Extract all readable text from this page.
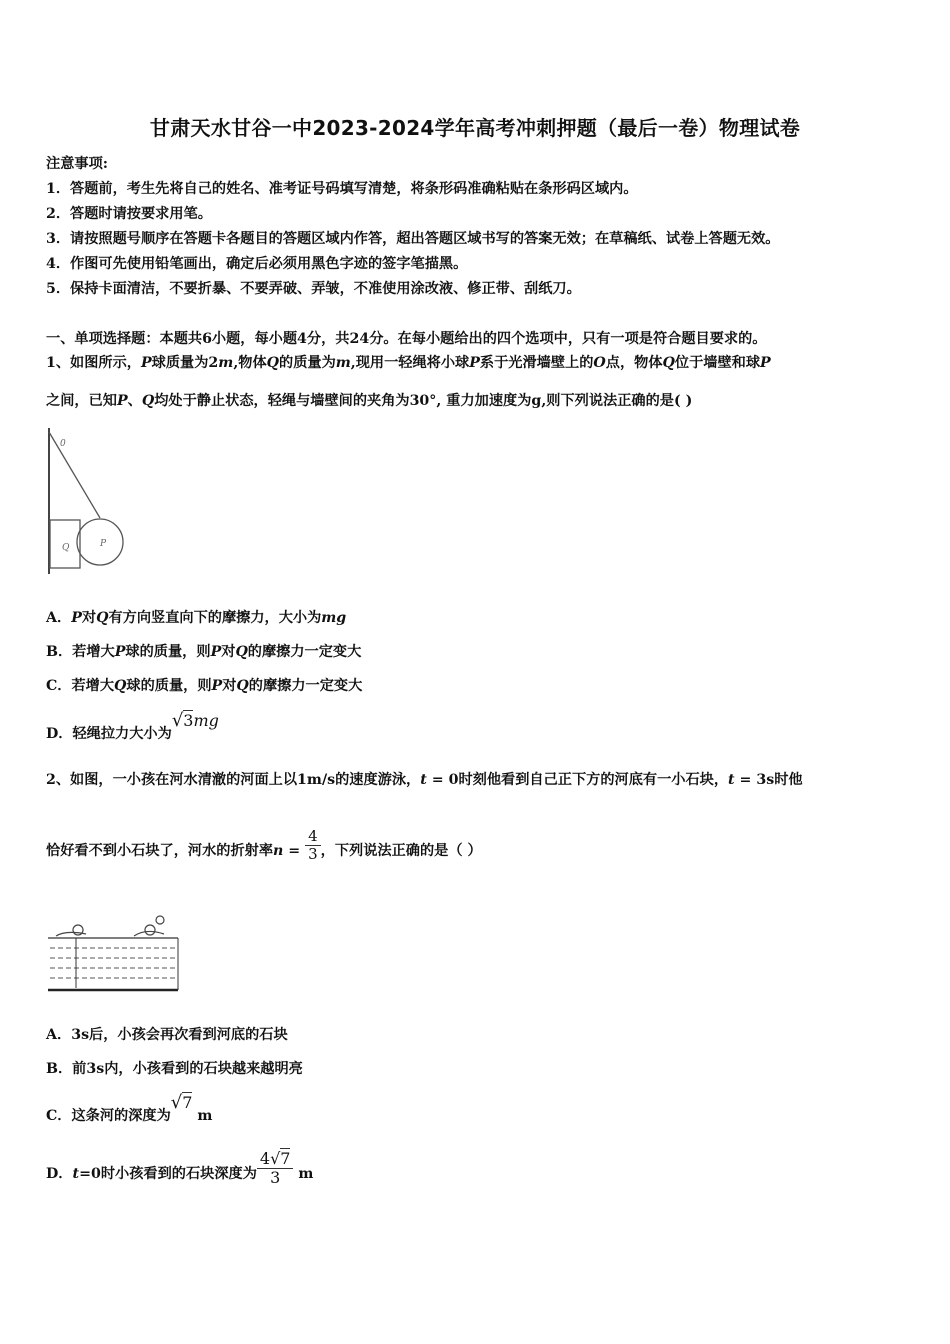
甘肃天水甘谷一中2023-2024学年高考冲刺押题（最后一卷）物理试卷
注意事项:
1．答题前，考生先将自己的姓名、准考证号码填写清楚，将条形码准确粘贴在条形码区域内。
2．答题时请按要求用笔。
3．请按照题号顺序在答题卡各题目的答题区域内作答，超出答题区域书写的答案无效；在草稿纸、试卷上答题无效。
4．作图可先使用铅笔画出，确定后必须用黑色字迹的签字笔描黑。
5．保持卡面清洁，不要折暴、不要弄破、弄皱，不准使用涂改液、修正带、刮纸刀。
一、单项选择题：本题共6小题，每小题4分，共24分。在每小题给出的四个选项中，只有一项是符合题目要求的。
1、如图所示，P球质量为2m,物体Q的质量为m,现用一轻绳将小球P系于光滑墙壁上的O点，物体Q位于墙壁和球P
之间，已知P、Q均处于静止状态，轻绳与墙壁间的夹角为30°, 重力加速度为g,则下列说法正确的是( )
0
Q	P
A．P对Q有方向竖直向下的摩擦力，大小为mg
B．若增大P球的质量，则P对Q的摩擦力一定变大
C．若增大Q球的质量，则P对Q的摩擦力一定变大
D．轻绳拉力大小为√3mg
2、如图，一小孩在河水清澈的河面上以1m/s的速度游泳，t = 0时刻他看到自己正下方的河底有一小石块，t = 3s时他
恰好看不到小石块了，河水的折射率$n = \frac{4}{3}$ ，下列说法正确的是（ ）
A．3s后，小孩会再次看到河底的石块
B．前3s内，小孩看到的石块越来越明亮
C．这条河的深度为√7 m
D．t=0时小孩看到的石块深度为 $\frac{4√7}{3}$ m
